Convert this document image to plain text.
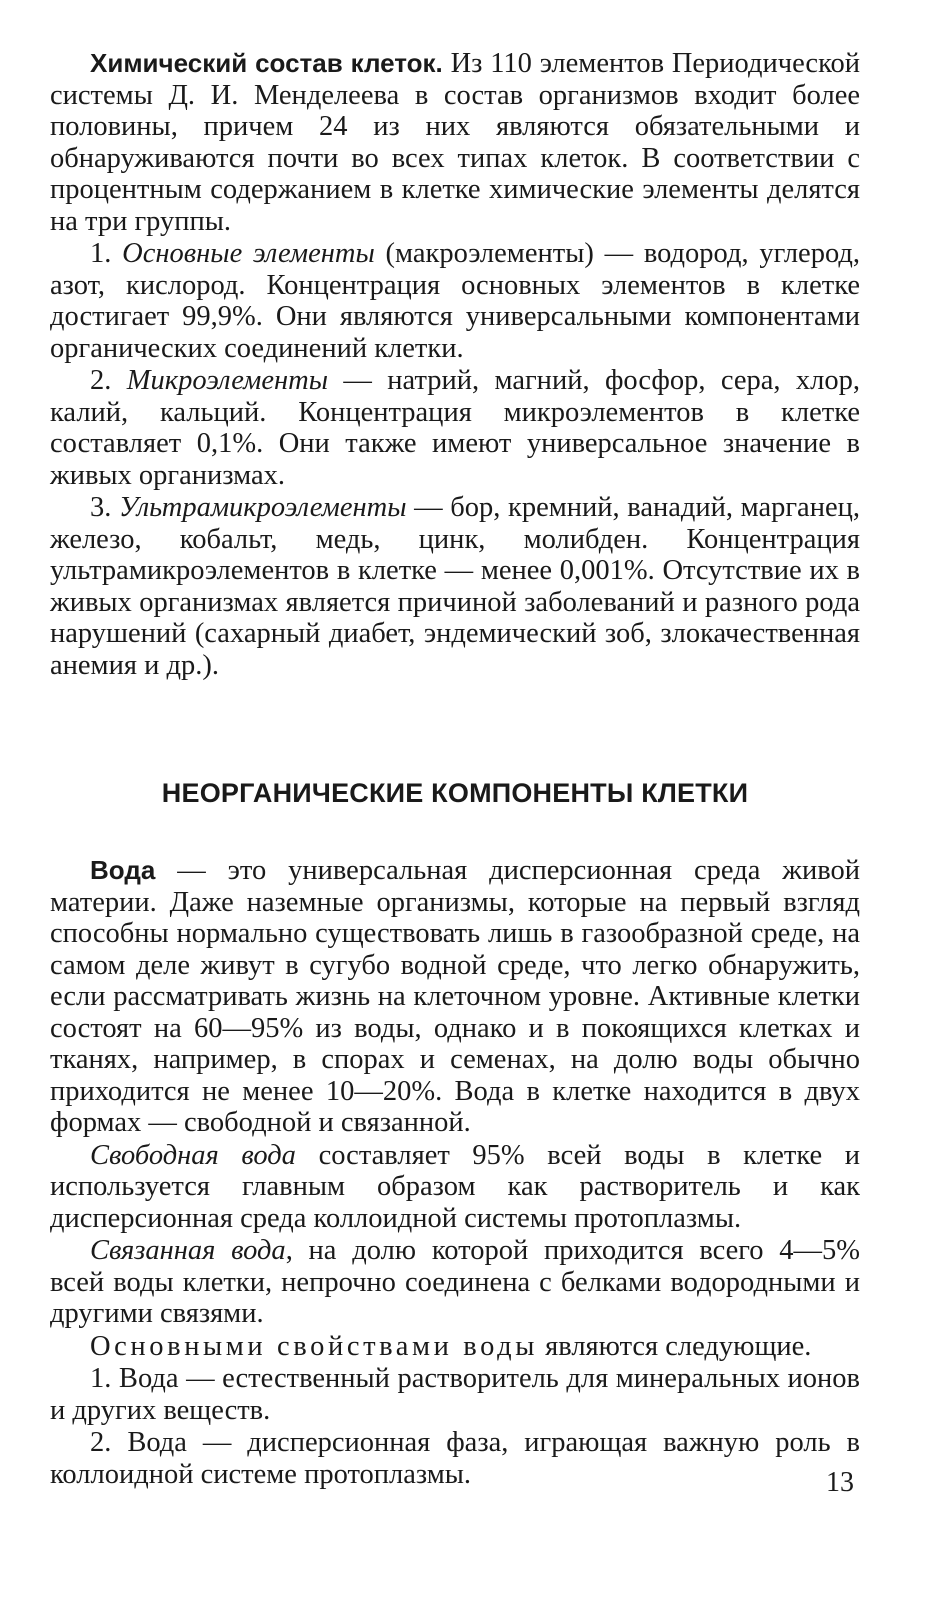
Химический состав клеток. Из 110 элементов Периодической системы Д. И. Менделеева в состав организмов входит более половины, причем 24 из них являются обязательными и обнаруживаются почти во всех типах клеток. В соответствии с процентным содержанием в клетке химические элементы делятся на три группы.

1. Основные элементы (макроэлементы) — водород, углерод, азот, кислород. Концентрация основных элементов в клетке достигает 99,9%. Они являются универсальными компонентами органических соединений клетки.

2. Микроэлементы — натрий, магний, фосфор, сера, хлор, калий, кальций. Концентрация микроэлементов в клетке составляет 0,1%. Они также имеют универсальное значение в живых организмах.

3. Ультрамикроэлементы — бор, кремний, ванадий, марганец, железо, кобальт, медь, цинк, молибден. Концентрация ультрамикроэлементов в клетке — менее 0,001%. Отсутствие их в живых организмах является причиной заболеваний и разного рода нарушений (сахарный диабет, эндемический зоб, злокачественная анемия и др.).

НЕОРГАНИЧЕСКИЕ КОМПОНЕНТЫ КЛЕТКИ

Вода — это универсальная дисперсионная среда живой материи. Даже наземные организмы, которые на первый взгляд способны нормально существовать лишь в газообразной среде, на самом деле живут в сугубо водной среде, что легко обнаружить, если рассматривать жизнь на клеточном уровне. Активные клетки состоят на 60—95% из воды, однако и в покоящихся клетках и тканях, например, в спорах и семенах, на долю воды обычно приходится не менее 10—20%. Вода в клетке находится в двух формах — свободной и связанной.

Свободная вода составляет 95% всей воды в клетке и используется главным образом как растворитель и как дисперсионная среда коллоидной системы протоплазмы.

Связанная вода, на долю которой приходится всего 4—5% всей воды клетки, непрочно соединена с белками водородными и другими связями.

Основными свойствами воды являются следующие.

1. Вода — естественный растворитель для минеральных ионов и других веществ.

2. Вода — дисперсионная фаза, играющая важную роль в коллоидной системе протоплазмы.	13
